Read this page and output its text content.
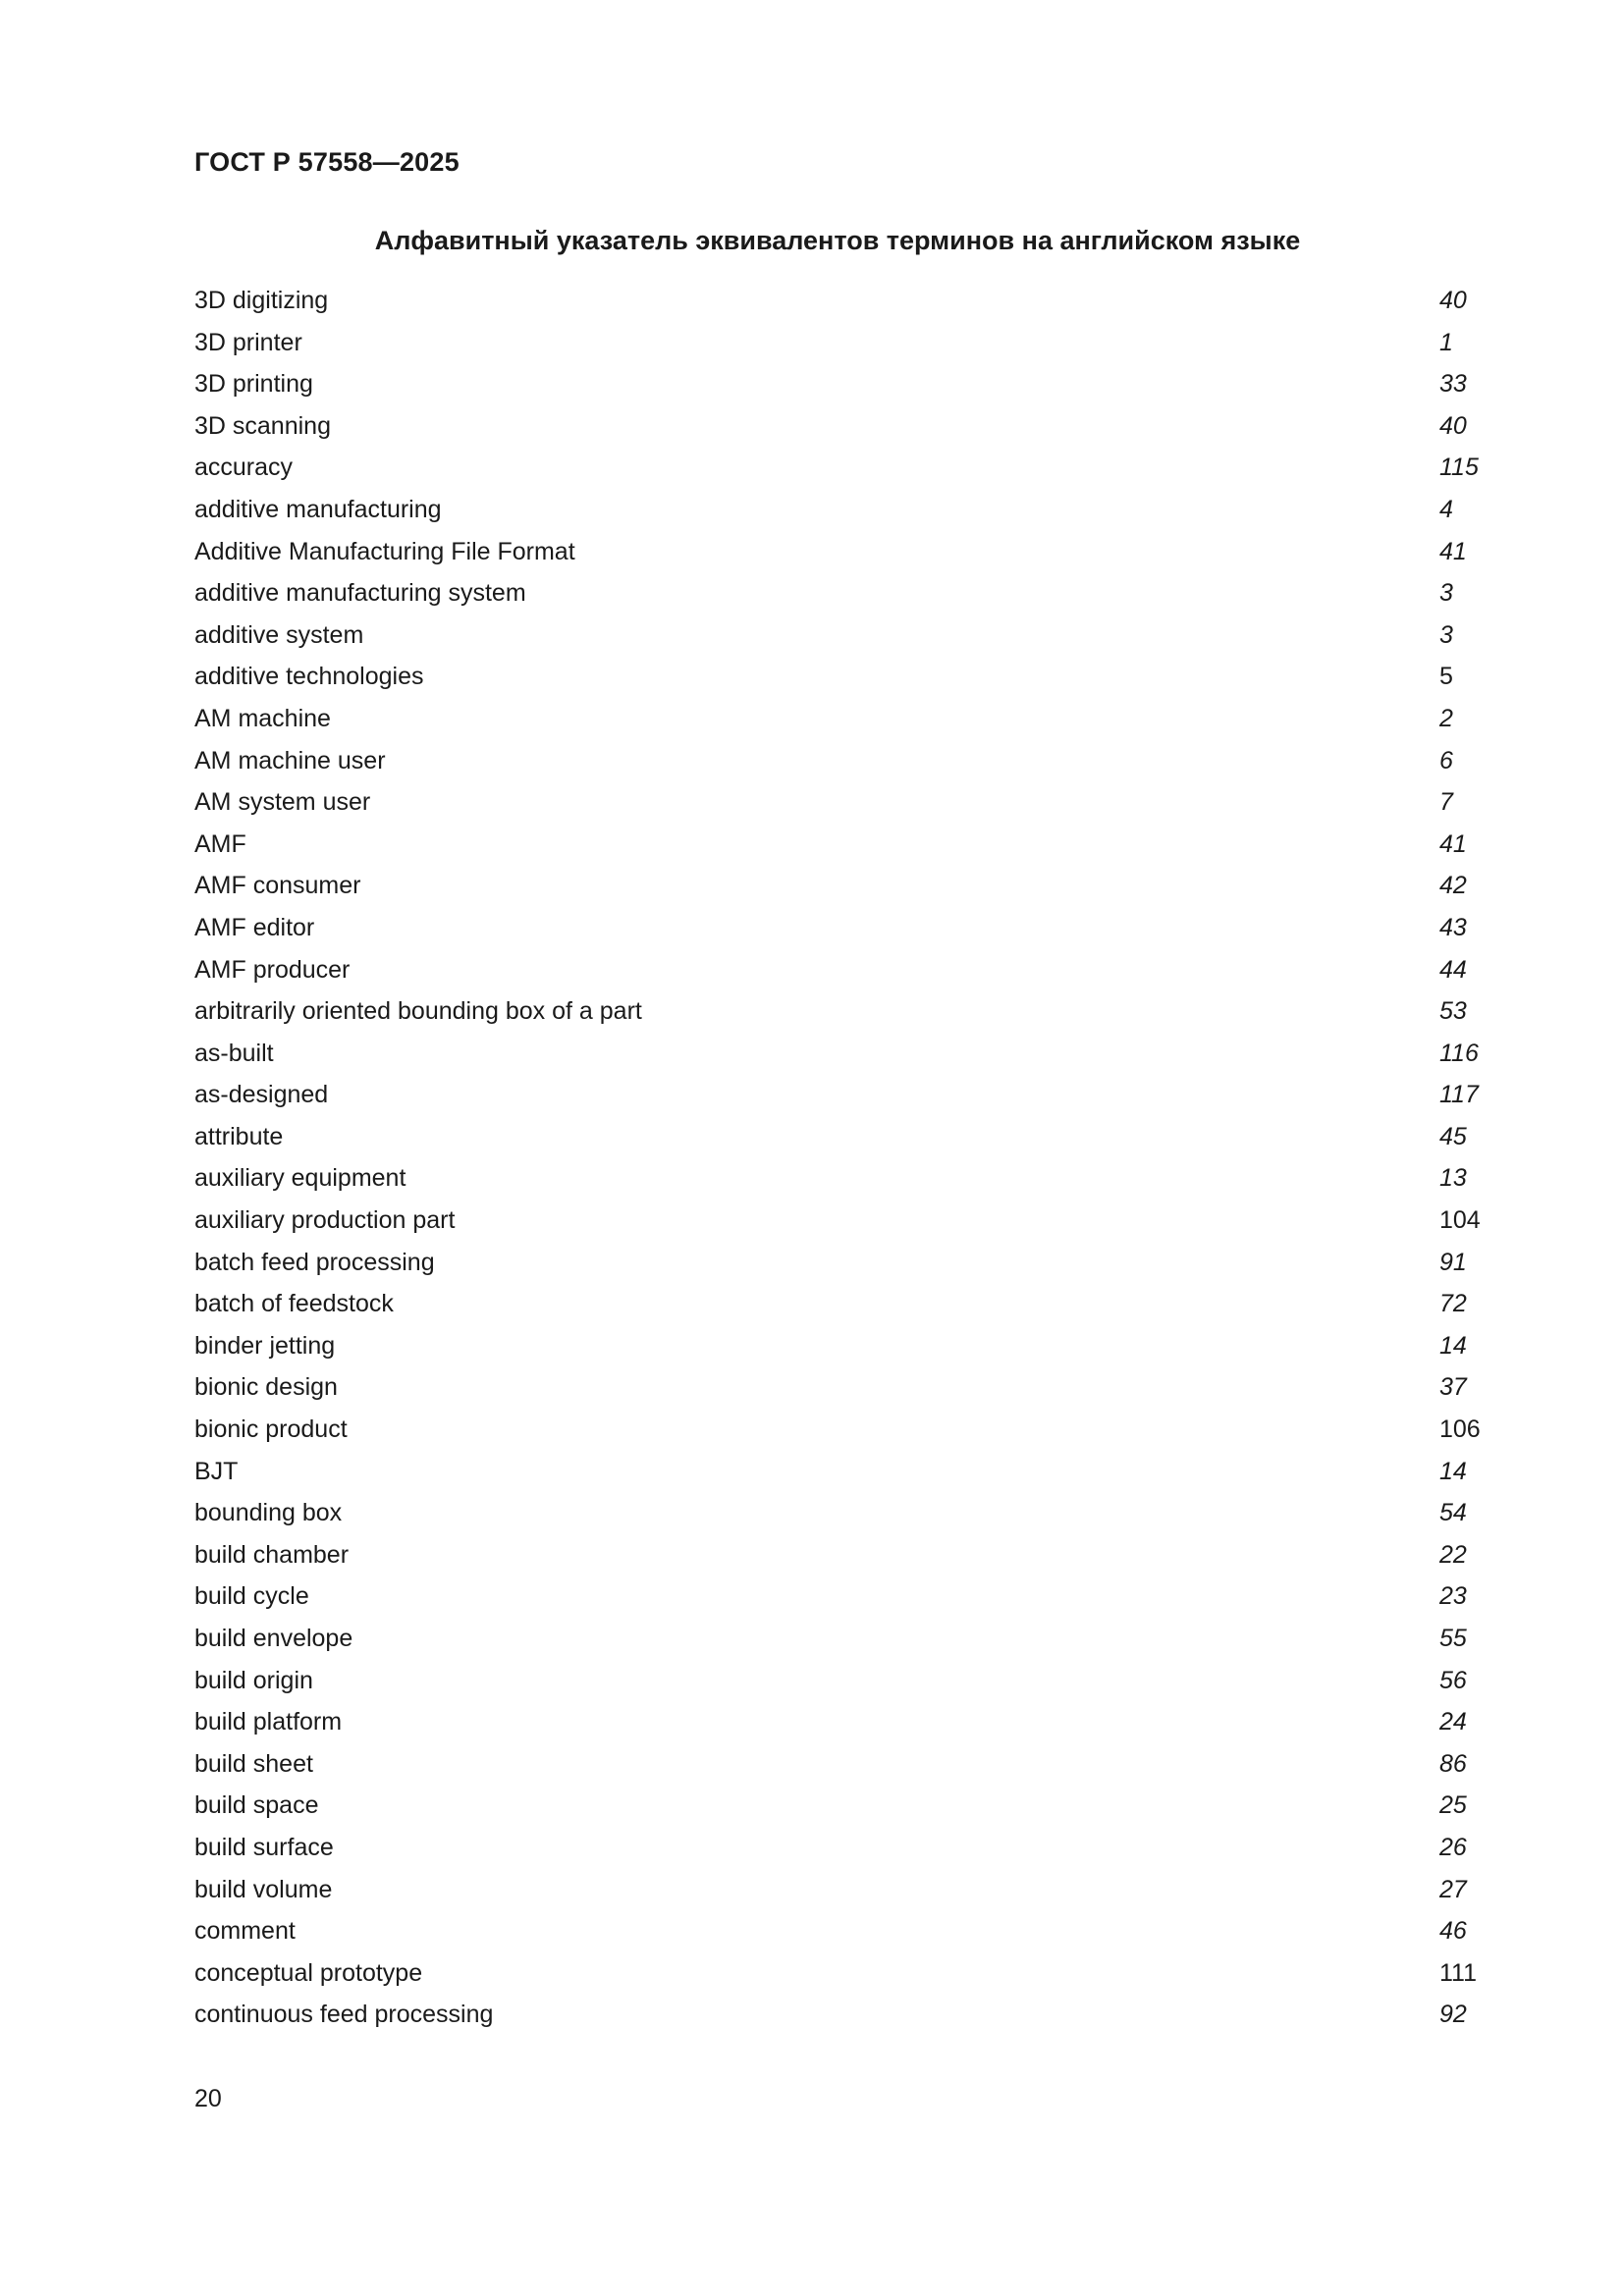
ГОСТ Р 57558—2025
Алфавитный указатель эквивалентов терминов на английском языке
3D digitizing	40
3D printer	1
3D printing	33
3D scanning	40
accuracy	115
additive manufacturing	4
Additive Manufacturing File Format	41
additive manufacturing system	3
additive system	3
additive technologies	5
AM machine	2
AM machine user	6
AM system user	7
AMF	41
AMF consumer	42
AMF editor	43
AMF producer	44
arbitrarily oriented bounding box of a part	53
as-built	116
as-designed	117
attribute	45
auxiliary equipment	13
auxiliary production part	104
batch feed processing	91
batch of feedstock	72
binder jetting	14
bionic design	37
bionic product	106
BJT	14
bounding box	54
build chamber	22
build cycle	23
build envelope	55
build origin	56
build platform	24
build sheet	86
build space	25
build surface	26
build volume	27
comment	46
conceptual prototype	111
continuous feed processing	92
20
